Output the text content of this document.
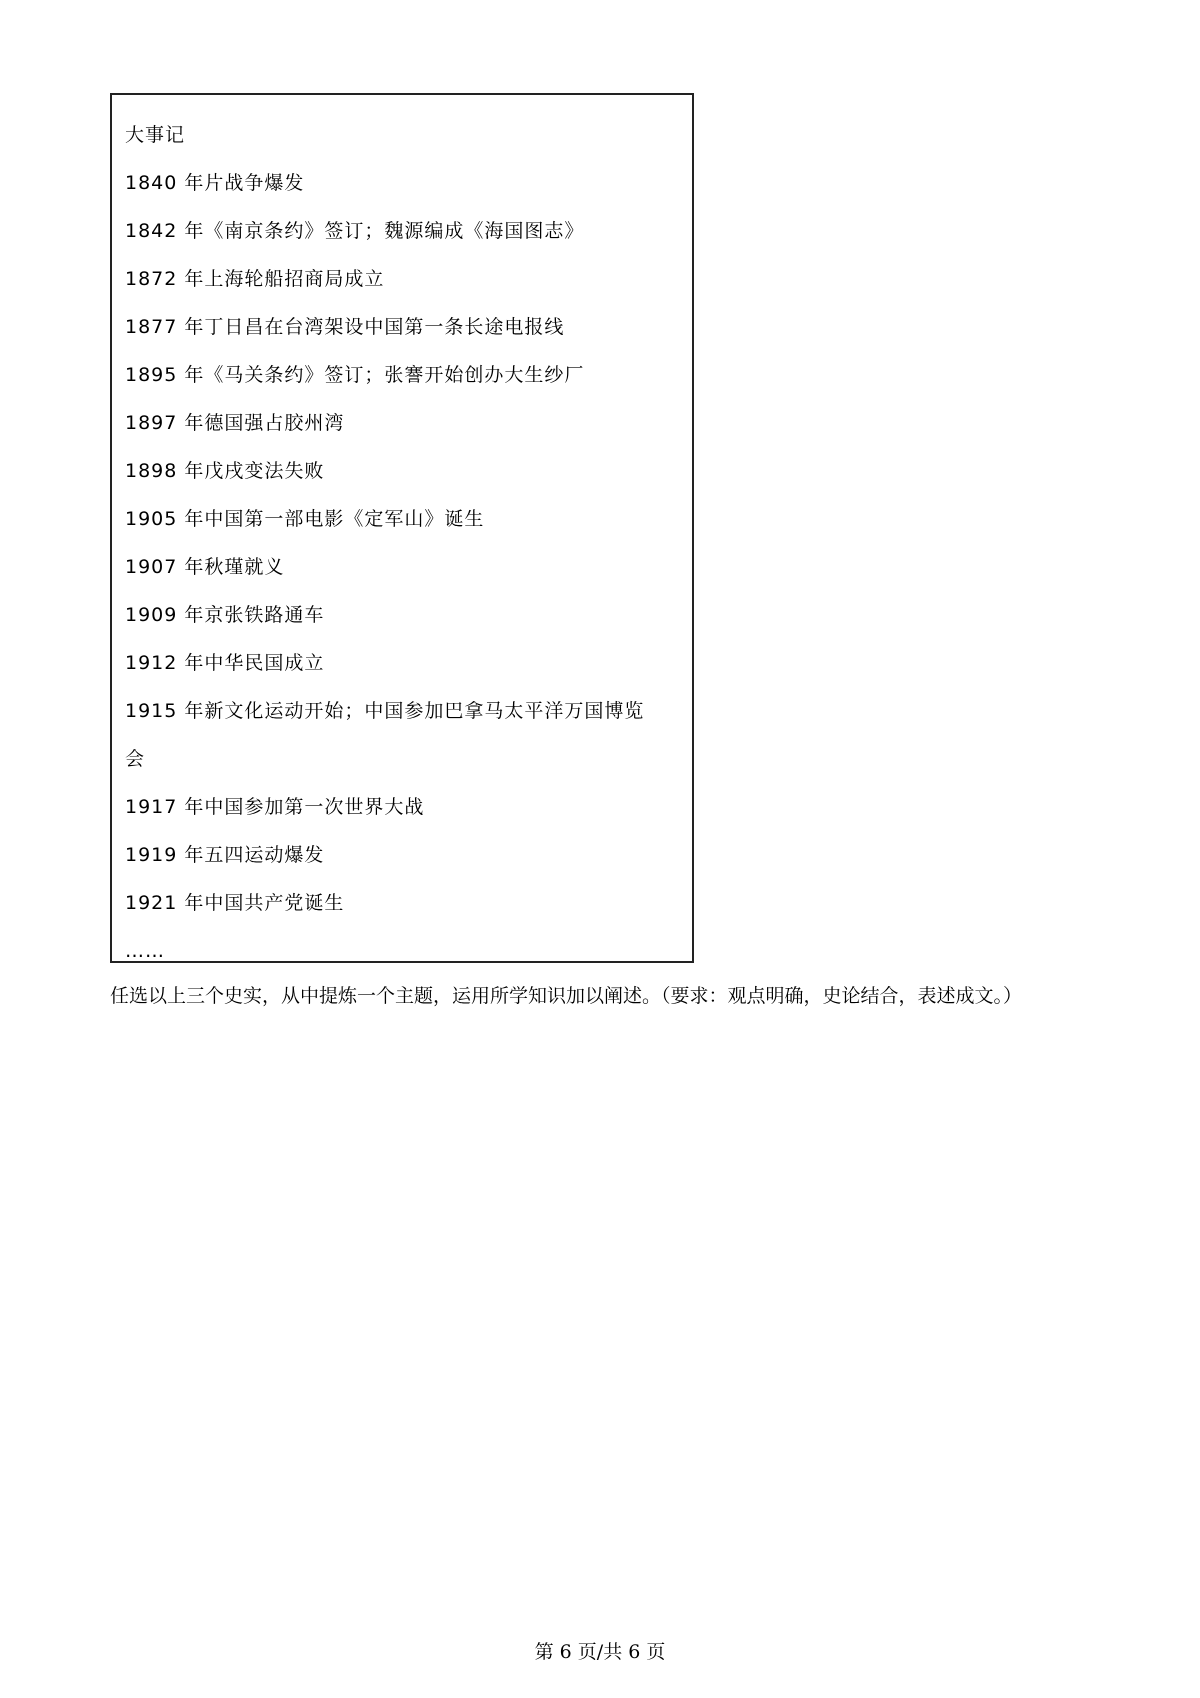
大事记
1840 年片战争爆发
1842 年《南京条约》签订；魏源编成《海国图志》
1872 年上海轮船招商局成立
1877 年丁日昌在台湾架设中国第一条长途电报线
1895 年《马关条约》签订；张謇开始创办大生纱厂
1897 年德国强占胶州湾
1898 年戊戌变法失败
1905 年中国第一部电影《定军山》诞生
1907 年秋瑾就义
1909 年京张铁路通车
1912 年中华民国成立
1915 年新文化运动开始；中国参加巴拿马太平洋万国博览
会
1917 年中国参加第一次世界大战
1919 年五四运动爆发
1921 年中国共产党诞生
……
任选以上三个史实，从中提炼一个主题，运用所学知识加以阐述。（要求：观点明确，史论结合，表述成文。）
第 6 页/共 6 页
